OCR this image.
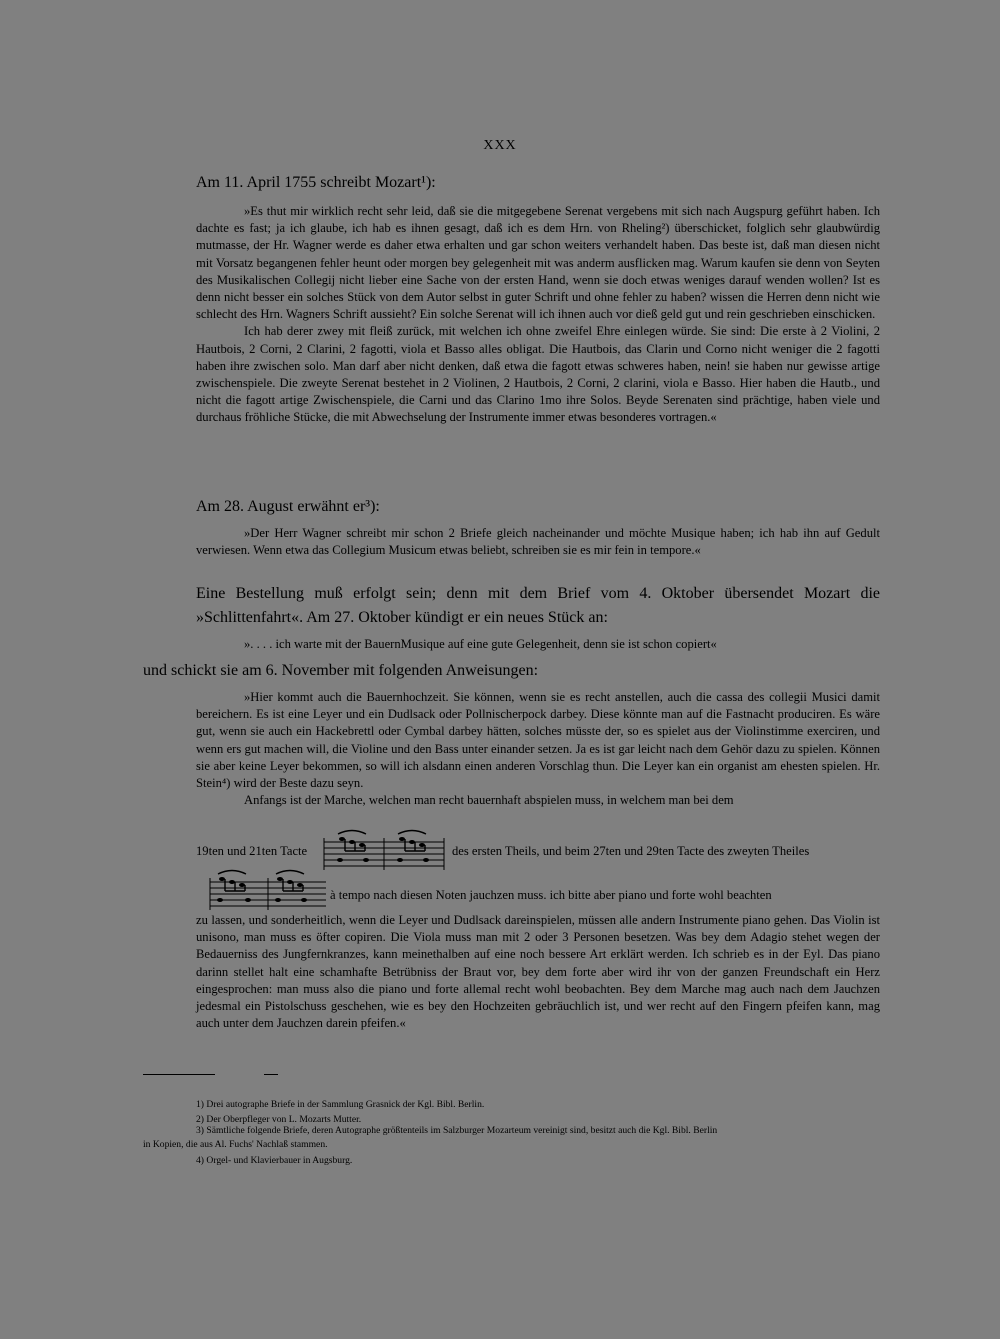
XXX
Am 11. April 1755 schreibt Mozart¹):

»Es thut mir wirklich recht sehr leid, daß sie die mitgegebene Serenat vergebens mit sich nach Augspurg geführt haben. Ich dachte es fast; ja ich glaube, ich hab es ihnen gesagt, daß ich es dem Hrn. von Rheling²) überschicket, folglich sehr glaubwürdig mutmasse, der Hr. Wagner werde es daher etwa erhalten und gar schon weiters verhandelt haben. Das beste ist, daß man diesen nicht mit Vorsatz begangenen fehler heunt oder morgen bey gelegenheit mit was anderm ausflicken mag. Warum kaufen sie denn von Seyten des Musikalischen Collegij nicht lieber eine Sache von der ersten Hand, wenn sie doch etwas weniges darauf wenden wollen? Ist es denn nicht besser ein solches Stück von dem Autor selbst in guter Schrift und ohne fehler zu haben? wissen die Herren denn nicht wie schlecht des Hrn. Wagners Schrift aussieht? Ein solche Serenat will ich ihnen auch vor dieß geld gut und rein geschrieben einschicken.

Ich hab derer zwey mit fleiß zurück, mit welchen ich ohne zweifel Ehre einlegen würde. Sie sind: Die erste à 2 Violini, 2 Hautbois, 2 Corni, 2 Clarini, 2 fagotti, viola et Basso alles obligat. Die Hautbois, das Clarin und Corno nicht weniger die 2 fagotti haben ihre zwischen solo. Man darf aber nicht denken, daß etwa die fagott etwas schweres haben, nein! sie haben nur gewisse artige zwischenspiele. Die zweyte Serenat bestehet in 2 Violinen, 2 Hautbois, 2 Corni, 2 clarini, viola e Basso. Hier haben die Hautb., und nicht die fagott artige Zwischenspiele, die Carni und das Clarino 1mo ihre Solos. Beyde Serenaten sind prächtige, haben viele und durchaus fröhliche Stücke, die mit Abwechselung der Instrumente immer etwas besonderes vortragen.«

Am 28. August erwähnt er³):

»Der Herr Wagner schreibt mir schon 2 Briefe gleich nacheinander und möchte Musique haben; ich hab ihn auf Gedult verwiesen. Wenn etwa das Collegium Musicum etwas beliebt, schreiben sie es mir fein in tempore.«

Eine Bestellung muß erfolgt sein; denn mit dem Brief vom 4. Oktober übersendet Mozart die »Schlittenfahrt«. Am 27. Oktober kündigt er ein neues Stück an:

». . . . ich warte mit der BauernMusique auf eine gute Gelegenheit, denn sie ist schon copiert«

und schickt sie am 6. November mit folgenden Anweisungen:

»Hier kommt auch die Bauernhochzeit. Sie können, wenn sie es recht anstellen, auch die cassa des collegii Musici damit bereichern. Es ist eine Leyer und ein Dudlsack oder Pollnischerpock darbey. Diese könnte man auf die Fastnacht produciren. Es wäre gut, wenn sie auch ein Hackebrettl oder Cymbal darbey hätten, solches müsste der, so es spielet aus der Violinstimme exerciren, und wenn ers gut machen will, die Violine und den Bass unter einander setzen. Ja es ist gar leicht nach dem Gehör dazu zu spielen. Können sie aber keine Leyer bekommen, so will ich alsdann einen anderen Vorschlag thun. Die Leyer kan ein organist am ehesten spielen. Hr. Stein⁴) wird der Beste dazu seyn.

Anfangs ist der Marche, welchen man recht bauernhaft abspielen muss, in welchem man bei dem

19ten und 21ten Tacte	des ersten Theils, und beim 27ten und 29ten Tacte des zweyten Theiles
à tempo nach diesen Noten jauchzen muss. ich bitte aber piano und forte wohl beachten

zu lassen, und sonderheitlich, wenn die Leyer und Dudlsack dareinspielen, müssen alle andern Instrumente piano gehen. Das Violin ist unisono, man muss es öfter copiren. Die Viola muss man mit 2 oder 3 Personen besetzen. Was bey dem Adagio stehet wegen der Bedauerniss des Jungfernkranzes, kann meinethalben auf eine noch bessere Art erklärt werden. Ich schrieb es in der Eyl. Das piano darinn stellet halt eine schamhafte Betrübniss der Braut vor, bey dem forte aber wird ihr von der ganzen Freundschaft ein Herz eingesprochen: man muss also die piano und forte allemal recht wohl beobachten. Bey dem Marche mag auch nach dem Jauchzen jedesmal ein Pistolschuss geschehen, wie es bey den Hochzeiten gebräuchlich ist, und wer recht auf den Fingern pfeifen kann, mag auch unter dem Jauchzen darein pfeifen.«

1) Drei autographe Briefe in der Sammlung Grasnick der Kgl. Bibl. Berlin.
2) Der Oberpfleger von L. Mozarts Mutter.
3) Sämtliche folgende Briefe, deren Autographe größtenteils im Salzburger Mozarteum vereinigt sind, besitzt auch die Kgl. Bibl. Berlin
in Kopien, die aus Al. Fuchs' Nachlaß stammen.
4) Orgel- und Klavierbauer in Augsburg.
